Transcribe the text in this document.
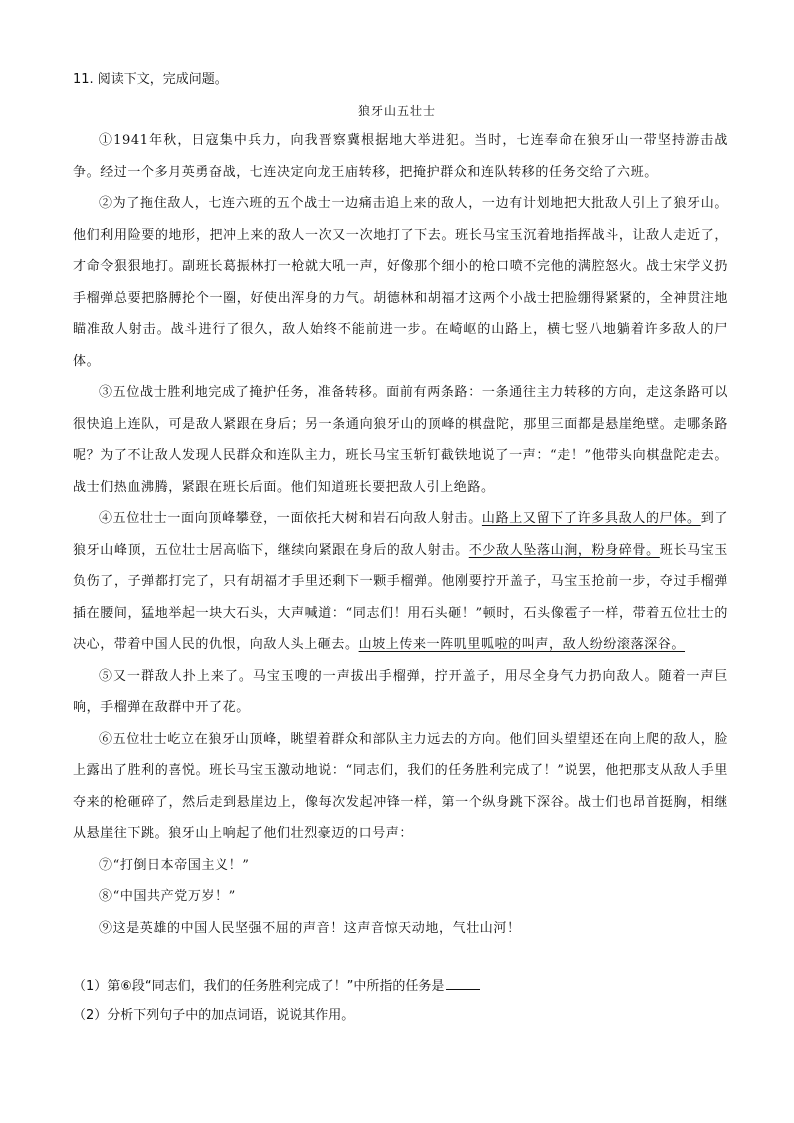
11. 阅读下文，完成问题。
狼牙山五壮士

①1941年秋，日寇集中兵力，向我晋察冀根据地大举进犯。当时，七连奉命在狼牙山一带坚持游击战争。经过一个多月英勇奋战，七连决定向龙王庙转移，把掩护群众和连队转移的任务交给了六班。

②为了拖住敌人，七连六班的五个战士一边痛击追上来的敌人，一边有计划地把大批敌人引上了狼牙山。他们利用险要的地形，把冲上来的敌人一次又一次地打了下去。班长马宝玉沉着地指挥战斗，让敌人走近了，才命令狠狠地打。副班长葛振林打一枪就大吼一声，好像那个细小的枪口喷不完他的满腔怒火。战士宋学义扔手榴弹总要把胳膊抡个一圈，好使出浑身的力气。胡德林和胡福才这两个小战士把脸绷得紧紧的，全神贯注地瞄准敌人射击。战斗进行了很久，敌人始终不能前进一步。在崎岖的山路上，横七竖八地躺着许多敌人的尸体。

③五位战士胜利地完成了掩护任务，准备转移。面前有两条路：一条通往主力转移的方向，走这条路可以很快追上连队，可是敌人紧跟在身后；另一条通向狼牙山的顶峰的棋盘陀，那里三面都是悬崖绝壁。走哪条路呢？为了不让敌人发现人民群众和连队主力，班长马宝玉斩钉截铁地说了一声：“走！”他带头向棋盘陀走去。战士们热血沸腾，紧跟在班长后面。他们知道班长要把敌人引上绝路。

④五位壮士一面向顶峰攀登，一面依托大树和岩石向敌人射击。山路上又留下了许多具敌人的尸体。到了狼牙山峰顶，五位壮士居高临下，继续向紧跟在身后的敌人射击。不少敌人坠落山涧，粉身碎骨。班长马宝玉负伤了，子弹都打完了，只有胡福才手里还剩下一颗手榴弹。他刚要拧开盖子，马宝玉抢前一步，夺过手榴弹插在腰间，猛地举起一块大石头，大声喊道：“同志们！用石头砸！”顿时，石头像雹子一样，带着五位壮士的决心，带着中国人民的仇恨，向敌人头上砸去。山坡上传来一阵叽里呱啦的叫声，敌人纷纷滚落深谷。

⑤又一群敌人扑上来了。马宝玉嗖的一声拔出手榴弹，拧开盖子，用尽全身气力扔向敌人。随着一声巨响，手榴弹在敌群中开了花。

⑥五位壮士屹立在狼牙山顶峰，眺望着群众和部队主力远去的方向。他们回头望望还在向上爬的敌人，脸上露出了胜利的喜悦。班长马宝玉激动地说：“同志们，我们的任务胜利完成了！”说罢，他把那支从敌人手里夺来的枪砸碎了，然后走到悬崖边上，像每次发起冲锋一样，第一个纵身跳下深谷。战士们也昂首挺胸，相继从悬崖往下跳。狼牙山上响起了他们壮烈豪迈的口号声：

⑦“打倒日本帝国主义！”

⑧“中国共产党万岁！”

⑨这是英雄的中国人民坚强不屈的声音！这声音惊天动地，气壮山河！

（1）第⑥段“同志们，我们的任务胜利完成了！”中所指的任务是
（2）分析下列句子中的加点词语，说说其作用。
